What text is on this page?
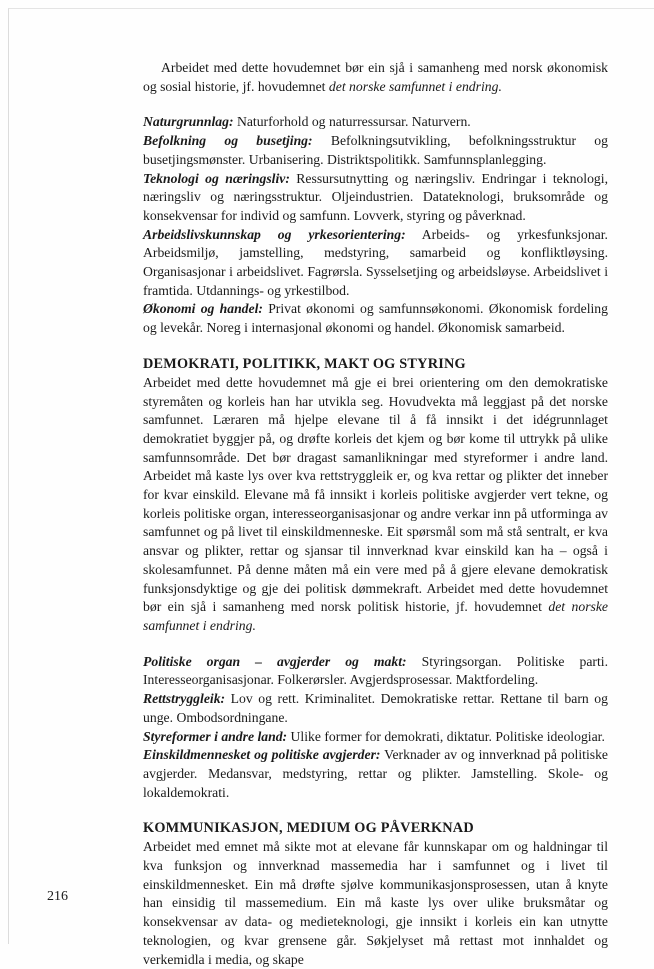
Arbeidet med dette hovudemnet bør ein sjå i samanheng med norsk økonomisk og sosial historie, jf. hovudemnet det norske samfunnet i endring.

Naturgrunnlag: Naturforhold og naturressursar. Naturvern.

Befolkning og busetjing: Befolkningsutvikling, befolkningsstruktur og busetjingsmønster. Urbanisering. Distriktspolitikk. Samfunnsplanlegging.

Teknologi og næringsliv: Ressursutnytting og næringsliv. Endringar i teknologi, næringsliv og næringsstruktur. Oljeindustrien. Datateknologi, bruksområde og konsekvensar for individ og samfunn. Lovverk, styring og påverknad.

Arbeidslivskunnskap og yrkesorientering: Arbeids- og yrkesfunksjonar. Arbeidsmiljø, jamstelling, medstyring, samarbeid og konfliktløysing. Organisasjonar i arbeidslivet. Fagrørsla. Sysselsetjing og arbeidsløyse. Arbeidslivet i framtida. Utdannings- og yrkestilbod.

Økonomi og handel: Privat økonomi og samfunnsøkonomi. Økonomisk fordeling og levekår. Noreg i internasjonal økonomi og handel. Økonomisk samarbeid.

DEMOKRATI, POLITIKK, MAKT OG STYRING

Arbeidet med dette hovudemnet må gje ei brei orientering om den demokratiske styremåten og korleis han har utvikla seg. Hovudvekta må leggjast på det norske samfunnet. Læraren må hjelpe elevane til å få innsikt i det idégrunnlaget demokratiet byggjer på, og drøfte korleis det kjem og bør kome til uttrykk på ulike samfunnsområde. Det bør dragast samanlikningar med styreformer i andre land. Arbeidet må kaste lys over kva rettstryggleik er, og kva rettar og plikter det inneber for kvar einskild. Elevane må få innsikt i korleis politiske avgjerder vert tekne, og korleis politiske organ, interesseorganisasjonar og andre verkar inn på utforminga av samfunnet og på livet til einskildmenneske. Eit spørsmål som må stå sentralt, er kva ansvar og plikter, rettar og sjansar til innverknad kvar einskild kan ha – også i skolesamfunnet. På denne måten må ein vere med på å gjere elevane demokratisk funksjonsdyktige og gje dei politisk dømmekraft. Arbeidet med dette hovudemnet bør ein sjå i samanheng med norsk politisk historie, jf. hovudemnet det norske samfunnet i endring.

Politiske organ – avgjerder og makt: Styringsorgan. Politiske parti. Interesseorganisasjonar. Folkerørsler. Avgjerdsprosessar. Maktfordeling.

Rettstryggleik: Lov og rett. Kriminalitet. Demokratiske rettar. Rettane til barn og unge. Ombodsordningane.

Styreformer i andre land: Ulike former for demokrati, diktatur. Politiske ideologiar.

Einskildmennesket og politiske avgjerder: Verknader av og innverknad på politiske avgjerder. Medansvar, medstyring, rettar og plikter. Jamstelling. Skole- og lokaldemokrati.

KOMMUNIKASJON, MEDIUM OG PÅVERKNAD

Arbeidet med emnet må sikte mot at elevane får kunnskapar om og haldningar til kva funksjon og innverknad massemedia har i samfunnet og i livet til einskildmennesket. Ein må drøfte sjølve kommunikasjonsprosessen, utan å knyte han einsidig til massemedium. Ein må kaste lys over ulike bruksmåtar og konsekvensar av data- og medieteknologi, gje innsikt i korleis ein kan utnytte teknologien, og kvar grensene går. Søkjelyset må rettast mot innhaldet og verkemidla i media, og skape

216
